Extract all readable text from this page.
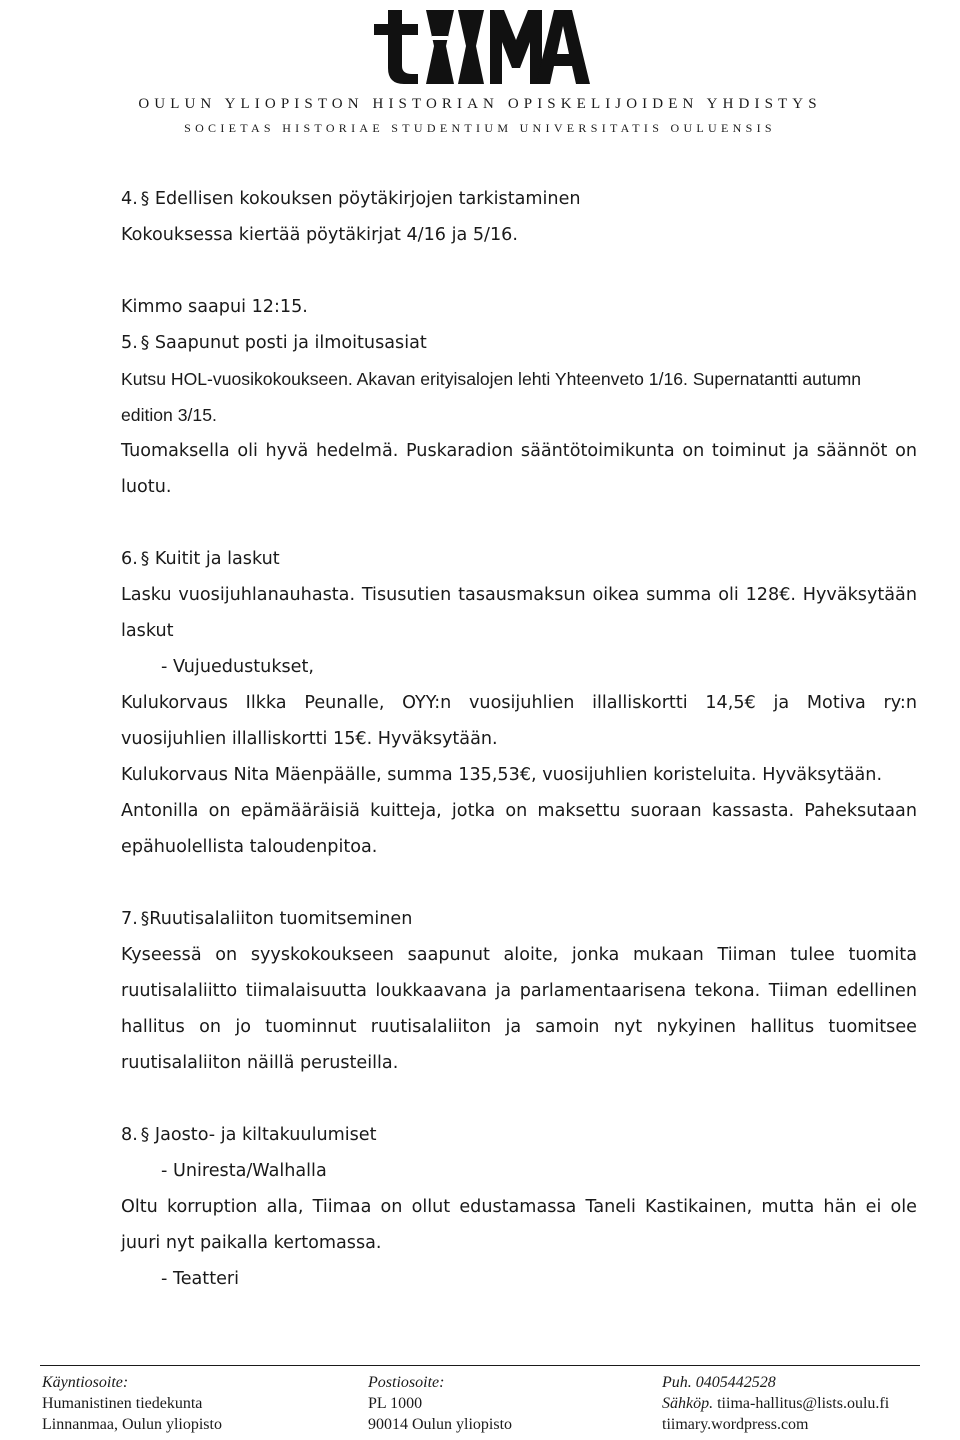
OULUN YLIOPISTON HISTORIAN OPISKELIJOIDEN YHDISTYS
SOCIETAS HISTORIAE STUDENTIUM UNIVERSITATIS OULUENSIS

4. § Edellisen kokouksen pöytäkirjojen tarkistaminen

Kokouksessa kiertää pöytäkirjat 4/16 ja 5/16.

Kimmo saapui 12:15.

5. § Saapunut posti ja ilmoitusasiat

Kutsu HOL-vuosikokoukseen. Akavan erityisalojen lehti Yhteenveto 1/16. Supernatantti autumn edition 3/15.

Tuomaksella oli hyvä hedelmä. Puskaradion sääntötoimikunta on toiminut ja säännöt on luotu.

6. § Kuitit ja laskut

Lasku vuosijuhlanauhasta. Tisusutien tasausmaksun oikea summa oli 128€. Hyväksytään laskut

- Vujuedustukset,

Kulukorvaus Ilkka Peunalle, OYY:n vuosijuhlien illalliskortti 14,5€ ja Motiva ry:n vuosijuhlien illalliskortti 15€. Hyväksytään.

Kulukorvaus Nita Mäenpäälle, summa 135,53€, vuosijuhlien koristeluita. Hyväksytään.

Antonilla on epämääräisiä kuitteja, jotka on maksettu suoraan kassasta. Paheksutaan epähuolellista taloudenpitoa.

7. §Ruutisalaliiton tuomitseminen

Kyseessä on syyskokoukseen saapunut aloite, jonka mukaan Tiiman tulee tuomita ruutisalaliitto tiimalaisuutta loukkaavana ja parlamentaarisena tekona. Tiiman edellinen hallitus on jo tuominnut ruutisalaliiton ja samoin nyt nykyinen hallitus tuomitsee ruutisalaliiton näillä perusteilla.

8. § Jaosto- ja kiltakuulumiset

- Uniresta/Walhalla

Oltu korruption alla, Tiimaa on ollut edustamassa Taneli Kastikainen, mutta hän ei ole juuri nyt paikalla kertomassa.

- Teatteri

Käyntiosoite:
Humanistinen tiedekunta
Linnanmaa, Oulun yliopisto
Postiosoite:
PL 1000
90014 Oulun yliopisto
Puh. 0405442528
Sähköp. tiima-hallitus@lists.oulu.fi
tiimary.wordpress.com
